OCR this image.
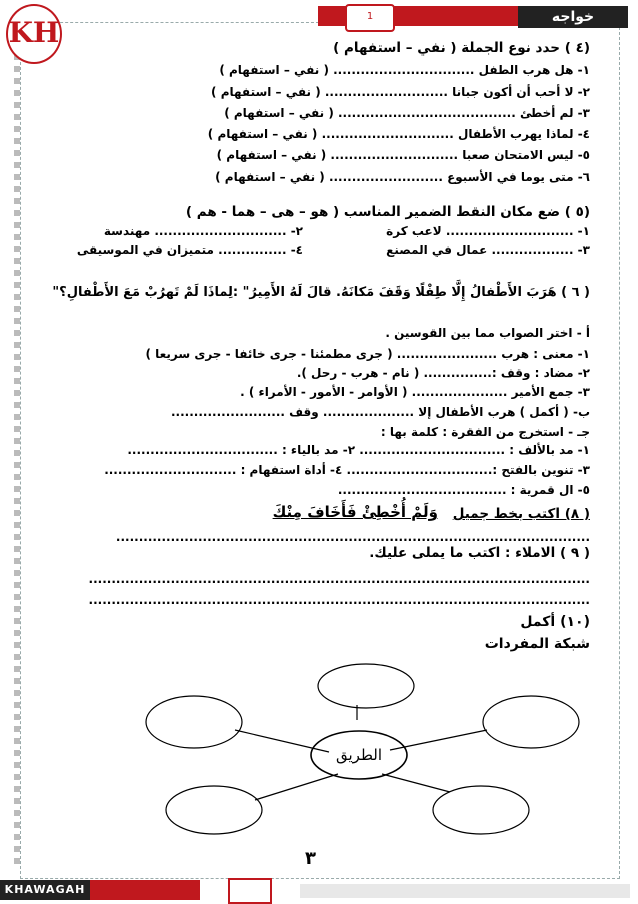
KH	1	خواجه
(٤ ) حدد نوع الجملة ( نفي – استفهام )
١- هل هرب الطفل ............................... ( نفي – استفهام )
٢- لا أحب أن أكون جبانا ........................... ( نفي – استفهام )
٣- لم أخطئ ....................................... ( نفي – استفهام )
٤- لماذا يهرب الأطفال ............................. ( نفي – استفهام )
٥- ليس الامتحان صعبا ............................ ( نفي – استفهام )
٦- متى يوما في الأسبوع ......................... ( نفي – استفهام )
(٥ ) ضع مكان النقط الضمير المناسب ( هو – هى – هما - هم )
١- ............................ لاعب كرة
٢- ............................. مهندسة
٣- .................. عمال في المصنع
٤- ............... متميزان في الموسيقى
( ٦ ) هَرَبَ الأَطْفالُ إِلَّا طِفْلًا وَقَفَ مَكانَهُ. قالَ لَهُ الأَمِيرُ" :لِماذَا لَمْ تَهرُبْ مَعَ الأَطْفالِ؟"
أ - اختر الصواب مما بين القوسين .
١- معنى : هرب ...................... ( جرى مطمئنا - جرى خائفا - جرى سريعا )
٢- مضاد : وقف :............... ( نام - هرب - رحل ).
٣- جمع الأمير ..................... ( الأوامر - الأمور - الأمراء ) .
ب- ( أكمل ) هرب الأطفال إلا .................... وقف .........................
جـ - استخرج من الفقرة : كلمة بها :
١- مد بالألف : ................................ ٢- مد بالياء : .................................
٣- تنوين بالفتح :................................ ٤- أداة استفهام : .............................
٥- ال قمرية : .....................................
( ٨) اكتب بخط جميل
وَلَمْ أُخْطِئْ فَأَخَافَ مِنْكَ
........................................................................................................
( ٩ ) الاملاء : اكتب ما يملى عليك.
..............................................................................................................
..............................................................................................................
(١٠) أكمل
شبكة المفردات
الطريق
٣
KHAWAGAH
